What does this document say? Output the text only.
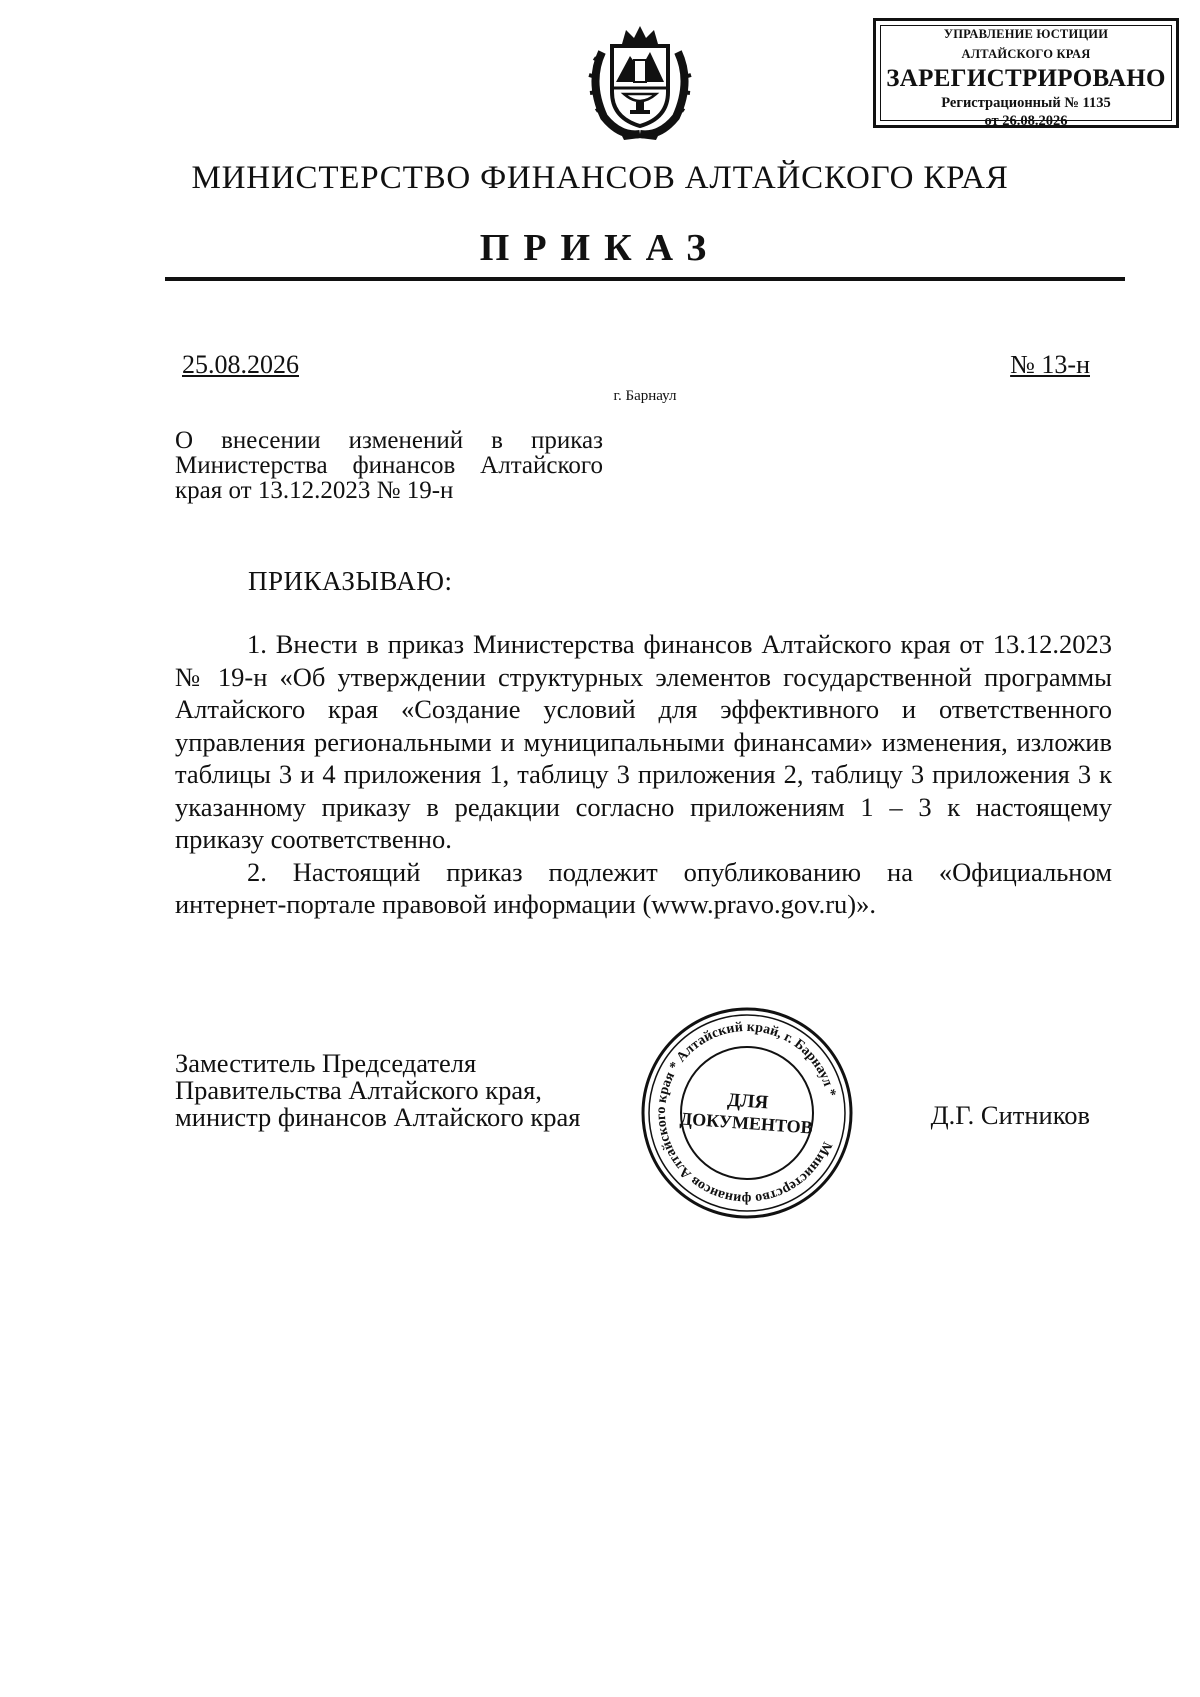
УПРАВЛЕНИЕ ЮСТИЦИИ
АЛТАЙСКОГО КРАЯ
ЗАРЕГИСТРИРОВАНО
Регистрационный № 1135
от 26.08.2026
МИНИСТЕРСТВО ФИНАНСОВ АЛТАЙСКОГО КРАЯ
ПРИКАЗ
25.08.2026	№ 13-н
г. Барнаул
О внесении изменений в приказ
Министерства финансов Алтайского
края от 13.12.2023 № 19-н
ПРИКАЗЫВАЮ:

1. Внести в приказ Министерства финансов Алтайского края от 13.12.2023 № 19-н «Об утверждении структурных элементов государственной программы Алтайского края «Создание условий для эффективного и ответственного управления региональными и муниципальными финансами» изменения, изложив таблицы 3 и 4 приложения 1, таблицу 3 приложения 2, таблицу 3 приложения 3 к указанному приказу в редакции согласно приложениям 1 – 3 к настоящему приказу соответственно.

2. Настоящий приказ подлежит опубликованию на «Официальном интернет-портале правовой информации (www.pravo.gov.ru)».

Заместитель Председателя
Правительства Алтайского края,
министр финансов Алтайского края
Министерство финансов Алтайского края * Алтайский край, г. Барнаул *
ДЛЯ
ДОКУМЕНТОВ	Д.Г. Ситников
